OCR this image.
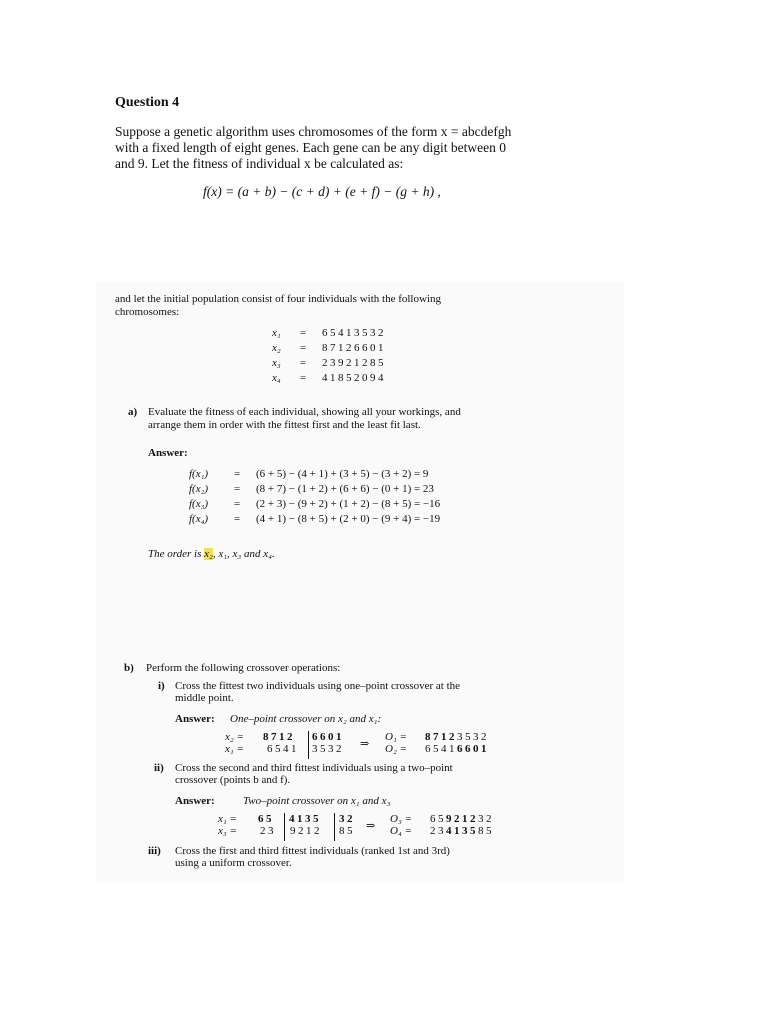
Question 4
Suppose a genetic algorithm uses chromosomes of the form x = abcdefgh
with a fixed length of eight genes. Each gene can be any digit between 0
and 9. Let the fitness of individual x be calculated as:
f(x) = (a + b) − (c + d) + (e + f) − (g + h) ,
and let the initial population consist of four individuals with the following
chromosomes:
x₁ = 65413532
x₂ = 87126601
x₃ = 23921285
x₄ = 41852094
a) Evaluate the fitness of each individual, showing all your workings, and
arrange them in order with the fittest first and the least fit last.
Answer:
f(x₁) = (6 + 5) − (4 + 1) + (3 + 5) − (3 + 2) = 9
f(x₂) = (8 + 7) − (1 + 2) + (6 + 6) − (0 + 1) = 23
f(x₃) = (2 + 3) − (9 + 2) + (1 + 2) − (8 + 5) = −16
f(x₄) = (4 + 1) − (8 + 5) + (2 + 0) − (9 + 4) = −19
The order is x₂, x₁, x₃ and x₄.
b) Perform the following crossover operations:
i) Cross the fittest two individuals using one–point crossover at the
middle point.
Answer: One–point crossover on x₂ and x₁:
x₂ = 8712 6601
x₁ = 6541 3532 ⇒
O₁ = 87123532
O₂ = 65416601
ii) Cross the second and third fittest individuals using a two–point
crossover (points b and f).
Answer:	Two–point crossover on x₁ and x₃
x₁ = 65 4135 32
x₃ = 23 9212 85 ⇒
O₃ = 65921232
O₄ = 23413585
iii) Cross the first and third fittest individuals (ranked 1st and 3rd)
using a uniform crossover.
